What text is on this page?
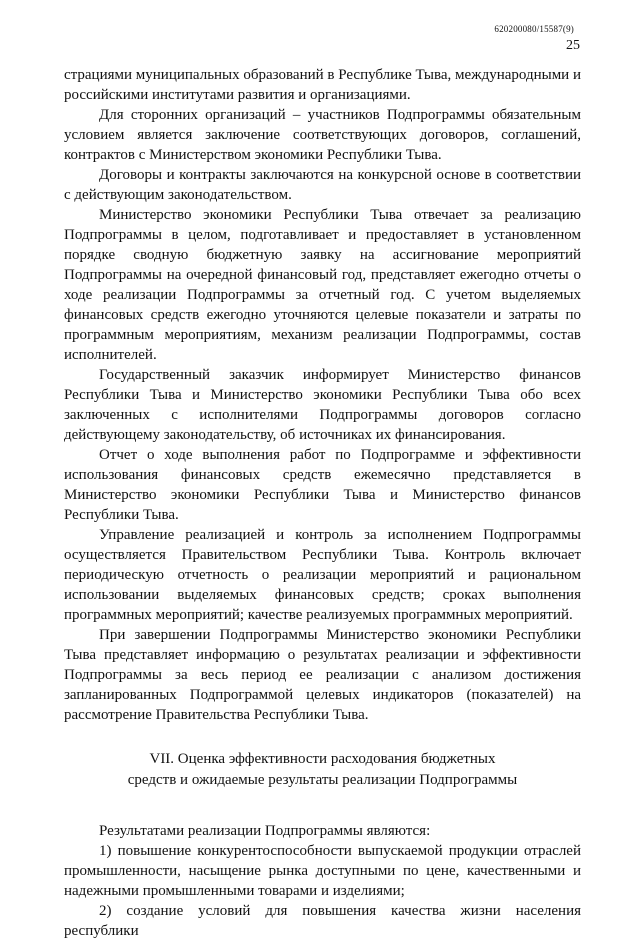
620200080/15587(9)
25

страциями муниципальных образований в Республике Тыва, международными и российскими институтами развития и организациями.

Для сторонних организаций – участников Подпрограммы обязательным условием является заключение соответствующих договоров, соглашений, контрактов с Министерством экономики Республики Тыва.

Договоры и контракты заключаются на конкурсной основе в соответствии с действующим законодательством.

Министерство экономики Республики Тыва отвечает за реализацию Подпрограммы в целом, подготавливает и предоставляет в установленном порядке сводную бюджетную заявку на ассигнование мероприятий Подпрограммы на очередной финансовый год, представляет ежегодно отчеты о ходе реализации Подпрограммы за отчетный год. С учетом выделяемых финансовых средств ежегодно уточняются целевые показатели и затраты по программным мероприятиям, механизм реализации Подпрограммы, состав исполнителей.

Государственный заказчик информирует Министерство финансов Республики Тыва и Министерство экономики Республики Тыва обо всех заключенных с исполнителями Подпрограммы договоров согласно действующему законодательству, об источниках их финансирования.

Отчет о ходе выполнения работ по Подпрограмме и эффективности использования финансовых средств ежемесячно представляется в Министерство экономики Республики Тыва и Министерство финансов Республики Тыва.

Управление реализацией и контроль за исполнением Подпрограммы осуществляется Правительством Республики Тыва. Контроль включает периодическую отчетность о реализации мероприятий и рациональном использовании выделяемых финансовых средств; сроках выполнения программных мероприятий; качестве реализуемых программных мероприятий.

При завершении Подпрограммы Министерство экономики Республики Тыва представляет информацию о результатах реализации и эффективности Подпрограммы за весь период ее реализации с анализом достижения запланированных Подпрограммой целевых индикаторов (показателей) на рассмотрение Правительства Республики Тыва.

VII. Оценка эффективности расходования бюджетных
средств и ожидаемые результаты реализации Подпрограммы

Результатами реализации Подпрограммы являются:

1) повышение конкурентоспособности выпускаемой продукции отраслей промышленности, насыщение рынка доступными по цене, качественными и надежными промышленными товарами и изделиями;

2) создание условий для повышения качества жизни населения республики
